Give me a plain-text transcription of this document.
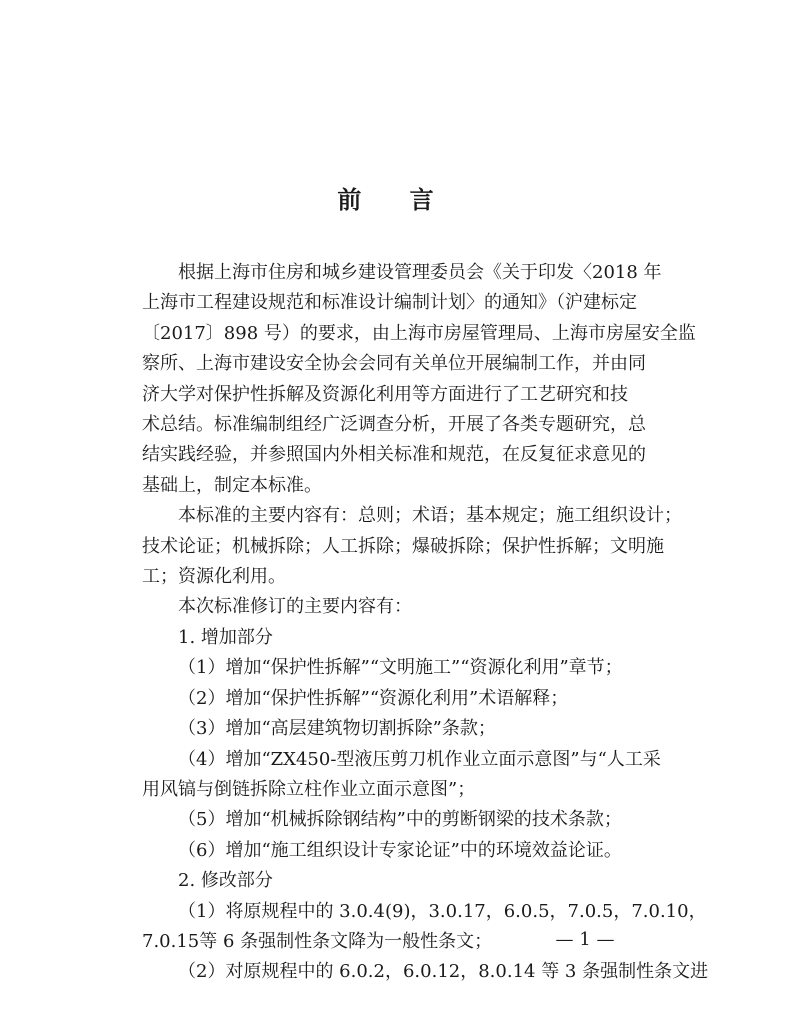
前 言
根据上海市住房和城乡建设管理委员会《关于印发〈2018 年
上海市工程建设规范和标准设计编制计划〉的通知》（沪建标定
〔2017〕898 号）的要求，由上海市房屋管理局、上海市房屋安全监
察所、上海市建设安全协会会同有关单位开展编制工作，并由同
济大学对保护性拆解及资源化利用等方面进行了工艺研究和技
术总结。标准编制组经广泛调查分析，开展了各类专题研究，总
结实践经验，并参照国内外相关标准和规范，在反复征求意见的
基础上，制定本标准。
本标准的主要内容有：总则；术语；基本规定；施工组织设计；
技术论证；机械拆除；人工拆除；爆破拆除；保护性拆解；文明施
工；资源化利用。
本次标准修订的主要内容有：
1. 增加部分
（1）增加“保护性拆解”“文明施工”“资源化利用”章节；
（2）增加“保护性拆解”“资源化利用”术语解释；
（3）增加“高层建筑物切割拆除”条款；
（4）增加“ZX450-型液压剪刀机作业立面示意图”与“人工采
用风镐与倒链拆除立柱作业立面示意图”；
（5）增加“机械拆除钢结构”中的剪断钢梁的技术条款；
（6）增加“施工组织设计专家论证”中的环境效益论证。
2. 修改部分
（1）将原规程中的 3.0.4(9)，3.0.17，6.0.5，7.0.5，7.0.10，
7.0.15等 6 条强制性条文降为一般性条文；
（2）对原规程中的 6.0.2，6.0.12，8.0.14 等 3 条强制性条文进
— 1 —
